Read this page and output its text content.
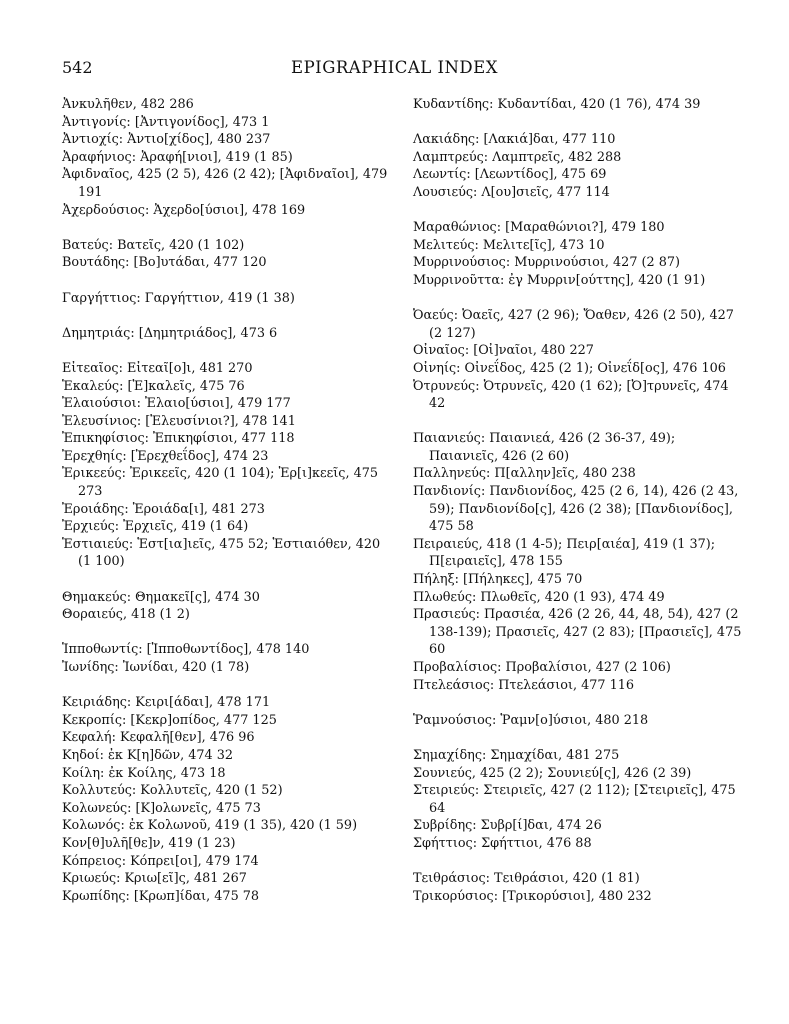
542	EPIGRAPHICAL INDEX

Ἀνκυλῆθεν, 482 286

Ἀντιγονίς: [Ἀντιγονίδος], 473 1

Ἀντιοχίς: Ἀντιο[χίδος], 480 237

Ἀραφήνιος: Ἀραφή[νιοι], 419 (1 85)

Ἀφιδναῖος, 425 (2 5), 426 (2 42); [Ἀφιδναῖοι], 479 191

Ἀχερδούσιος: Ἀχερδο[ύσιοι], 478 169

Βατεύς: Βατεῖς, 420 (1 102)

Βουτάδης: [Βο]υτάδαι, 477 120

Γαργήττιος: Γαργήττιον, 419 (1 38)

Δημητριάς: [Δημητριάδος], 473 6

Εἰτεαῖος: Εἰτεαῖ[ο]ι, 481 270

Ἑκαλεύς: [Ἑ]καλεῖς, 475 76

Ἐλαιούσιοι: Ἐλαιο[ύσιοι], 479 177

Ἐλευσίνιος: [Ἐλευσίνιοι?], 478 141

Ἐπικηφίσιος: Ἐπικηφίσιοι, 477 118

Ἐρεχθηίς: [Ἐρεχθεΐδος], 474 23

Ἐρικεεύς: Ἐρικεεῖς, 420 (1 104); Ἐρ[ι]κεεῖς, 475 273

Ἐροιάδης: Ἐροιάδα[ι], 481 273

Ἐρχιεύς: Ἐρχιεῖς, 419 (1 64)

Ἑστιαιεύς: Ἑστ[ια]ιεῖς, 475 52; Ἑστιαιόθεν, 420 (1 100)

Θημακεύς: Θημακεῖ[ς], 474 30

Θοραιεύς, 418 (1 2)

Ἱπποθωντίς: [Ἱπποθωντίδος], 478 140

Ἰωνίδης: Ἰωνίδαι, 420 (1 78)

Κειριάδης: Κειρι[άδαι], 478 171

Κεκροπίς: [Κεκρ]οπίδος, 477 125

Κεφαλή: Κεφαλῆ[θεν], 476 96

Κηδοί: ἐκ Κ[η]δῶν, 474 32

Κοίλη: ἐκ Κοίλης, 473 18

Κολλυτεύς: Κολλυτεῖς, 420 (1 52)

Κολωνεύς: [Κ]ολωνεῖς, 475 73

Κολωνός: ἐκ Κολωνοῦ, 419 (1 35), 420 (1 59)

Κον[θ]υλῆ[θε]ν, 419 (1 23)

Κόπρειος: Κόπρει[οι], 479 174

Κριωεύς: Κριω[εῖ]ς, 481 267

Κρωπίδης: [Κρωπ]ίδαι, 475 78

Κυδαντίδης: Κυδαντίδαι, 420 (1 76), 474 39

Λακιάδης: [Λακιά]δαι, 477 110

Λαμπτρεύς: Λαμπτρεῖς, 482 288

Λεωντίς: [Λεωντίδος], 475 69

Λουσιεύς: Λ[ου]σιεῖς, 477 114

Μαραθώνιος: [Μαραθώνιοι?], 479 180

Μελιτεύς: Μελιτε[ῖς], 473 10

Μυρρινούσιος: Μυρρινούσιοι, 427 (2 87)

Μυρρινοῦττα: ἐγ Μυρριν[ούττης], 420 (1 91)

Ὀαεύς: Ὀαεῖς, 427 (2 96); Ὄαθεν, 426 (2 50), 427 (2 127)

Οἰναῖος: [Οἰ]ναῖοι, 480 227

Οἰνηίς: Οἰνεΐδος, 425 (2 1); Οἰνεΐδ[ος], 476 106

Ὀτρυνεύς: Ὀτρυνεῖς, 420 (1 62); [Ὀ]τρυνεῖς, 474 42

Παιανιεύς: Παιανιεά, 426 (2 36-37, 49); Παιανιεῖς, 426 (2 60)

Παλληνεύς: Π[αλλην]εῖς, 480 238

Πανδιονίς: Πανδιονίδος, 425 (2 6, 14), 426 (2 43, 59); Πανδιονίδο[ς], 426 (2 38); [Πανδιονίδος], 475 58

Πειραιεύς, 418 (1 4-5); Πειρ[αιέα], 419 (1 37); Π[ειραιεῖς], 478 155

Πήληξ: [Πήληκες], 475 70

Πλωθεύς: Πλωθεῖς, 420 (1 93), 474 49

Πρασιεύς: Πρασιέα, 426 (2 26, 44, 48, 54), 427 (2 138-139); Πρασιεῖς, 427 (2 83); [Πρασιεῖς], 475 60

Προβαλίσιος: Προβαλίσιοι, 427 (2 106)

Πτελεάσιος: Πτελεάσιοι, 477 116

Ῥαμνούσιος: Ῥαμν[ο]ύσιοι, 480 218

Σημαχίδης: Σημαχίδαι, 481 275

Σουνιεύς, 425 (2 2); Σουνιεύ[ς], 426 (2 39)

Στειριεύς: Στειριεῖς, 427 (2 112); [Στειριεῖς], 475 64

Συβρίδης: Συβρ[ί]δαι, 474 26

Σφήττιος: Σφήττιοι, 476 88

Τειθράσιος: Τειθράσιοι, 420 (1 81)

Τρικορύσιος: [Τρικορύσιοι], 480 232
